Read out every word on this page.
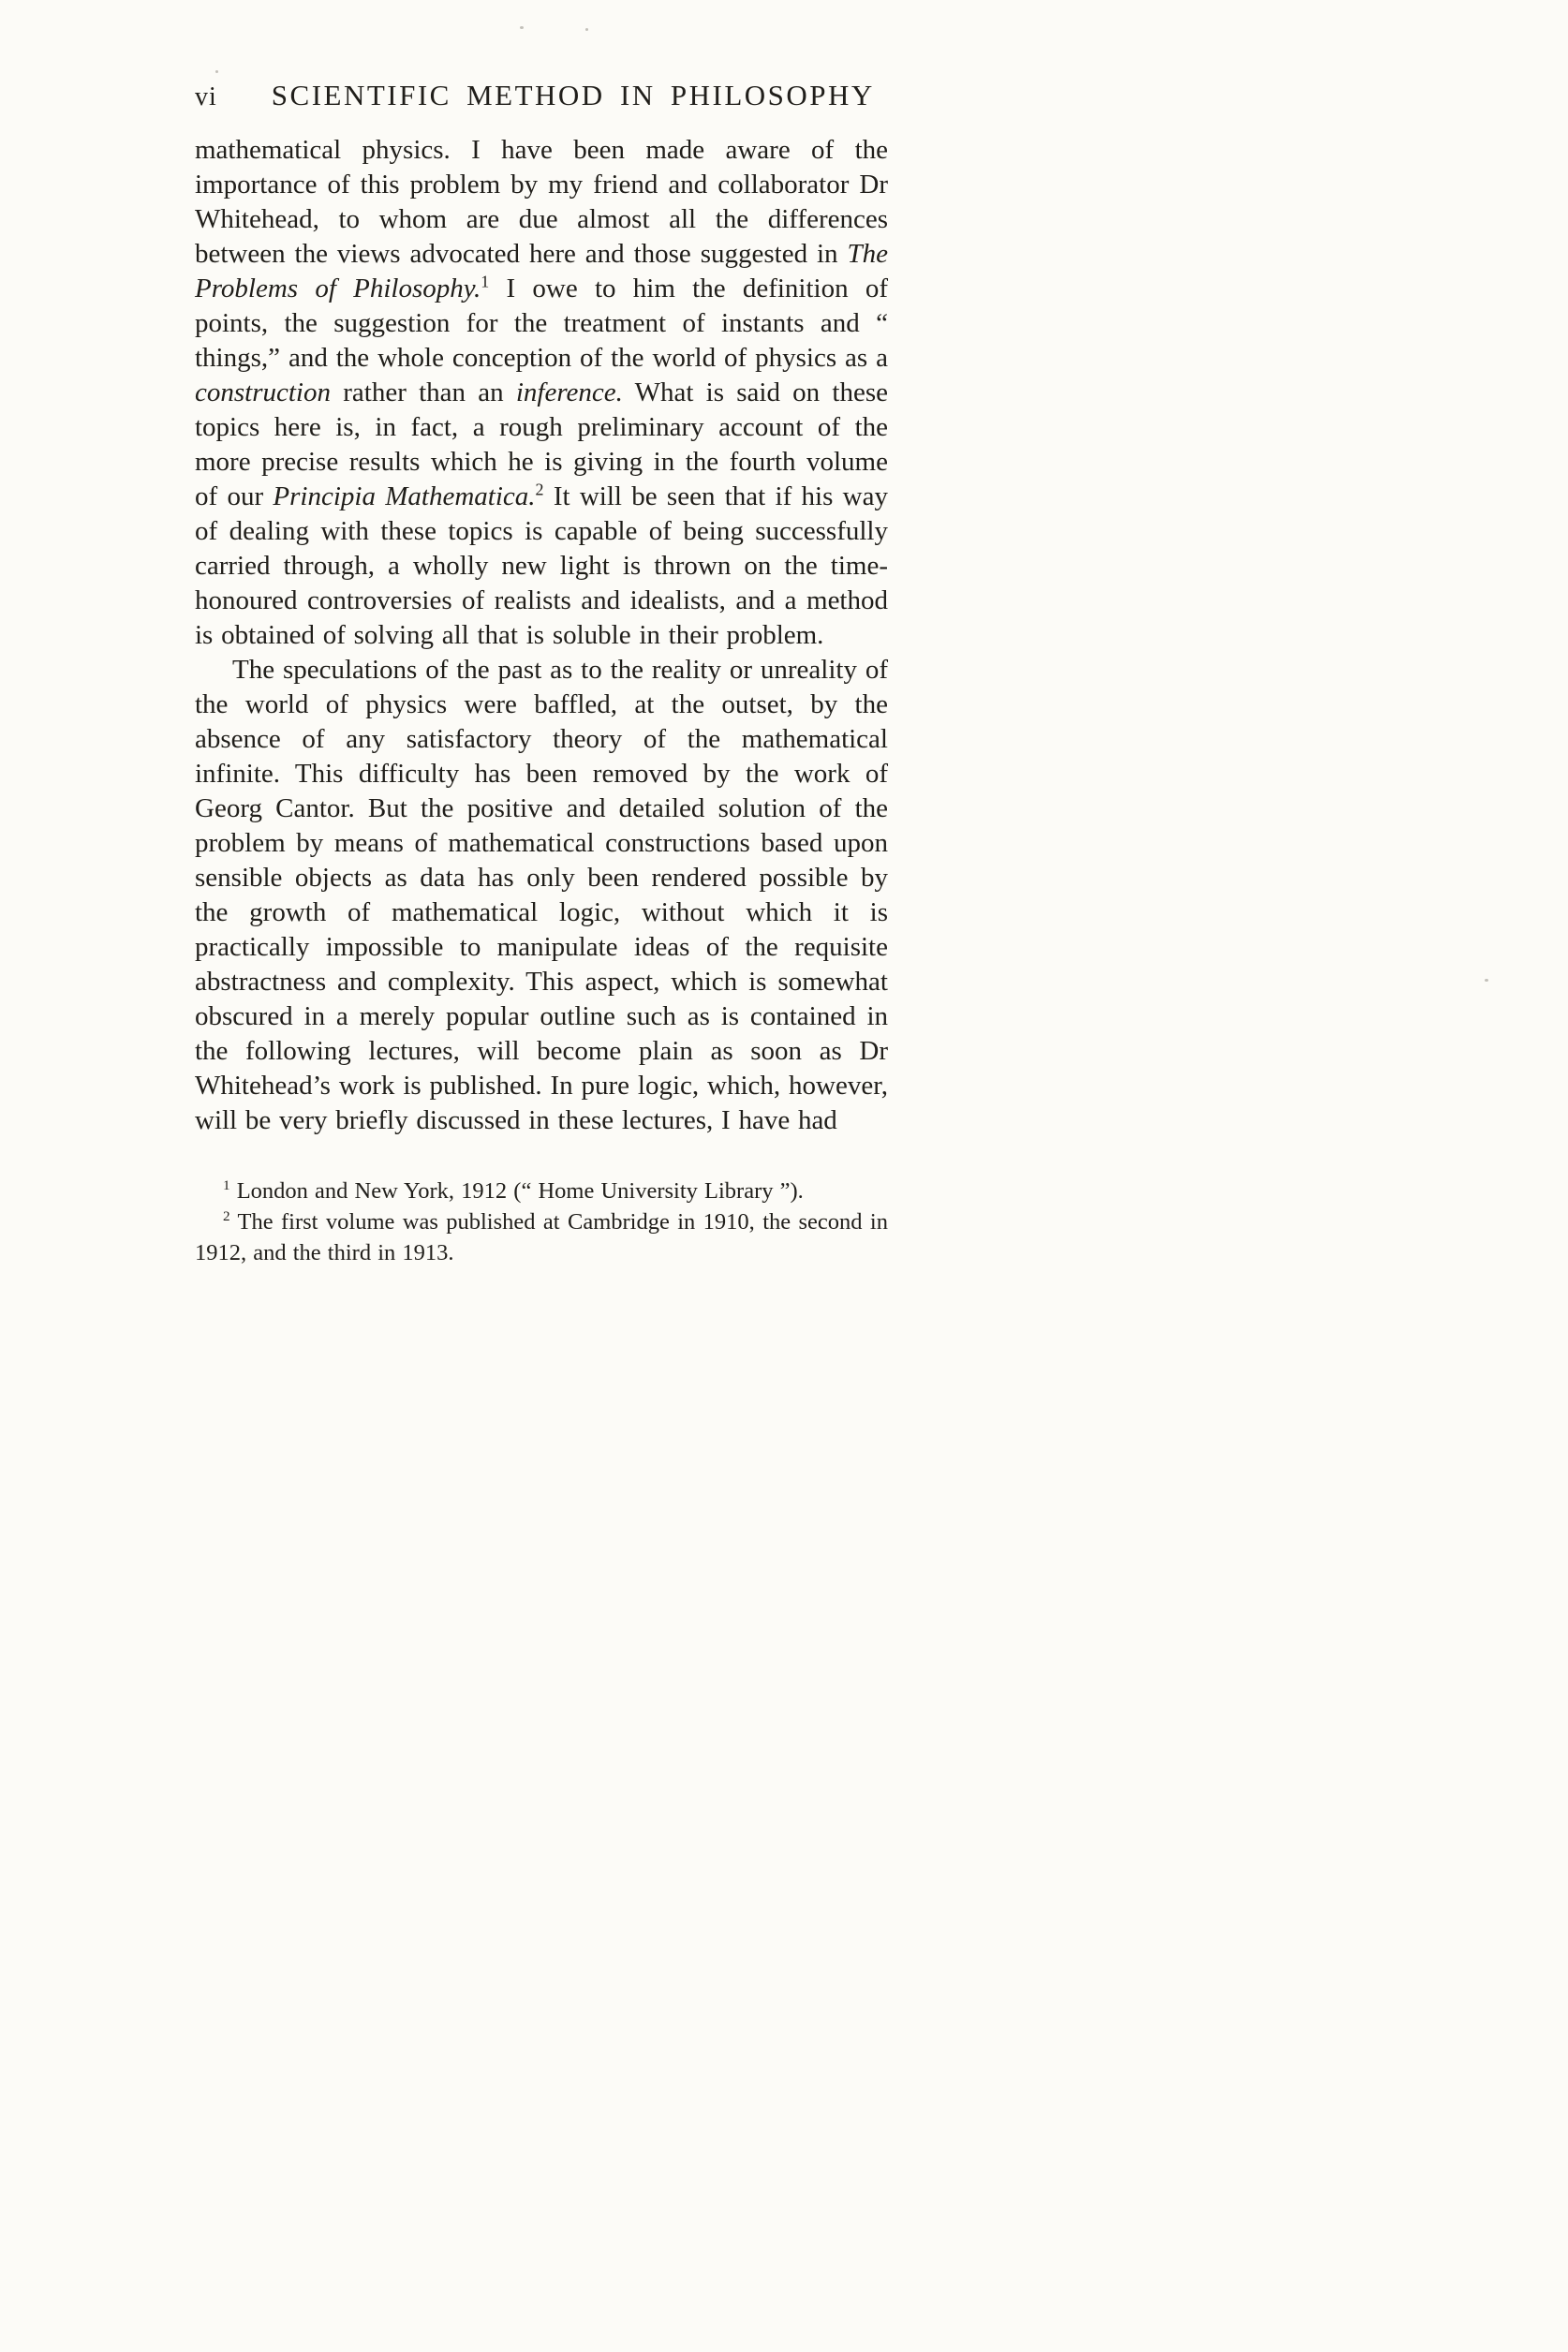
vi SCIENTIFIC METHOD IN PHILOSOPHY

mathematical physics. I have been made aware of the importance of this problem by my friend and collaborator Dr Whitehead, to whom are due almost all the differences between the views advocated here and those suggested in The Problems of Philosophy.$^1$ I owe to him the definition of points, the suggestion for the treatment of instants and “ things,” and the whole conception of the world of physics as a construction rather than an inference. What is said on these topics here is, in fact, a rough preliminary account of the more precise results which he is giving in the fourth volume of our Principia Mathematica.$^2$ It will be seen that if his way of dealing with these topics is capable of being successfully carried through, a wholly new light is thrown on the time-honoured controversies of realists and idealists, and a method is obtained of solving all that is soluble in their problem.

The speculations of the past as to the reality or unreality of the world of physics were baffled, at the outset, by the absence of any satisfactory theory of the mathematical infinite. This difficulty has been removed by the work of Georg Cantor. But the positive and detailed solution of the problem by means of mathematical constructions based upon sensible objects as data has only been rendered possible by the growth of mathematical logic, without which it is practically impossible to manipulate ideas of the requisite abstractness and complexity. This aspect, which is somewhat obscured in a merely popular outline such as is contained in the following lectures, will become plain as soon as Dr Whitehead’s work is published. In pure logic, which, however, will be very briefly discussed in these lectures, I have had

$^1$ London and New York, 1912 (“ Home University Library ”).

$^2$ The first volume was published at Cambridge in 1910, the second in 1912, and the third in 1913.
